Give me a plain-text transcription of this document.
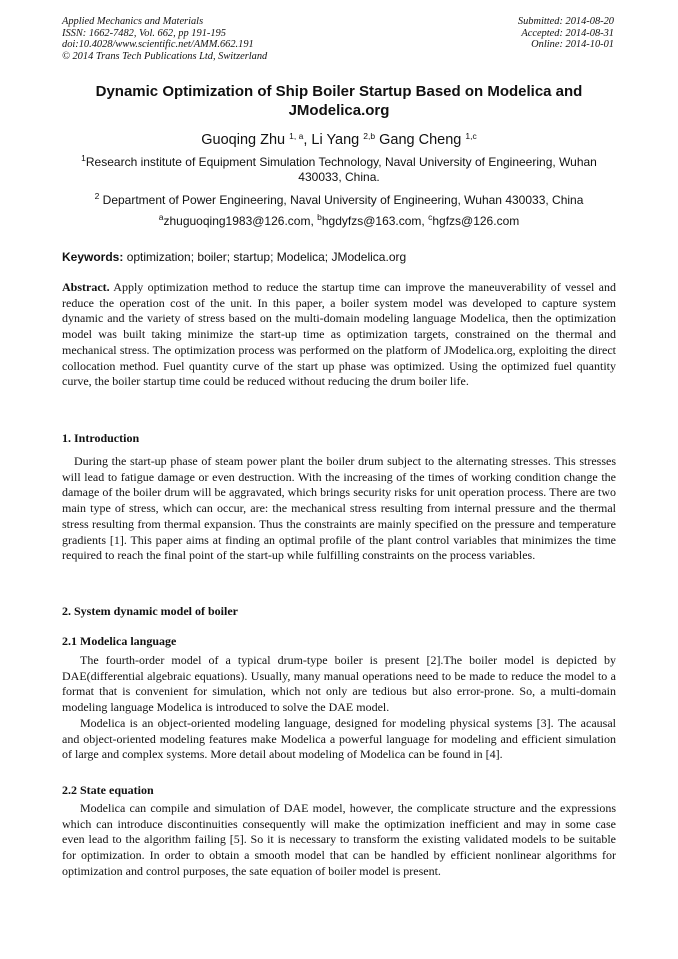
Applied Mechanics and Materials
ISSN: 1662-7482, Vol. 662, pp 191-195
doi:10.4028/www.scientific.net/AMM.662.191
© 2014 Trans Tech Publications Ltd, Switzerland
Submitted: 2014-08-20
Accepted: 2014-08-31
Online: 2014-10-01
Dynamic Optimization of Ship Boiler Startup Based on Modelica and
JModelica.org
Guoqing Zhu $^{1, a}$, Li Yang $^{2,b}$ Gang Cheng $^{1,c}$
$^1$Research institute of Equipment Simulation Technology, Naval University of Engineering, Wuhan
430033, China.
$^2$ Department of Power Engineering, Naval University of Engineering, Wuhan 430033, China
$^a$zhuguoqing1983@126.com, $^b$hgdyfzs@163.com, $^c$hgfzs@126.com
Keywords: optimization; boiler; startup; Modelica; JModelica.org

Abstract. Apply optimization method to reduce the startup time can improve the maneuverability of vessel and reduce the operation cost of the unit. In this paper, a boiler system model was developed to capture system dynamic and the variety of stress based on the multi-domain modeling language Modelica, then the optimization model was built taking minimize the start-up time as optimization targets, constrained on the thermal and mechanical stress. The optimization process was performed on the platform of JModelica.org, exploiting the direct collocation method. Fuel quantity curve of the start up phase was optimized. Using the optimized fuel quantity curve, the boiler startup time could be reduced without reducing the drum boiler life.

1. Introduction

During the start-up phase of steam power plant the boiler drum subject to the alternating stresses. This stresses will lead to fatigue damage or even destruction. With the increasing of the times of working condition change the damage of the boiler drum will be aggravated, which brings security risks for unit operation process. There are two main type of stress, which can occur, are: the mechanical stress resulting from internal pressure and the thermal stress resulting from thermal expansion. Thus the constraints are mainly specified on the pressure and temperature gradients [1]. This paper aims at finding an optimal profile of the plant control variables that minimizes the time required to reach the final point of the start-up while fulfilling constraints on the process variables.

2. System dynamic model of boiler
2.1 Modelica language

The fourth-order model of a typical drum-type boiler is present [2].The boiler model is depicted by DAE(differential algebraic equations). Usually, many manual operations need to be made to reduce the model to a format that is convenient for simulation, which not only are tedious but also error-prone. So, a multi-domain modeling language Modelica is introduced to solve the DAE model.

Modelica is an object-oriented modeling language, designed for modeling physical systems [3]. The acausal and object-oriented modeling features make Modelica a powerful language for modeling and efficient simulation of large and complex systems. More detail about modeling of Modelica can be found in [4].

2.2 State equation

Modelica can compile and simulation of DAE model, however, the complicate structure and the expressions which can introduce discontinuities consequently will make the optimization inefficient and may in some case even lead to the algorithm failing [5]. So it is necessary to transform the existing validated models to be suitable for optimization. In order to obtain a smooth model that can be handled by efficient nonlinear algorithms for optimization and control purposes, the sate equation of boiler model is present.
